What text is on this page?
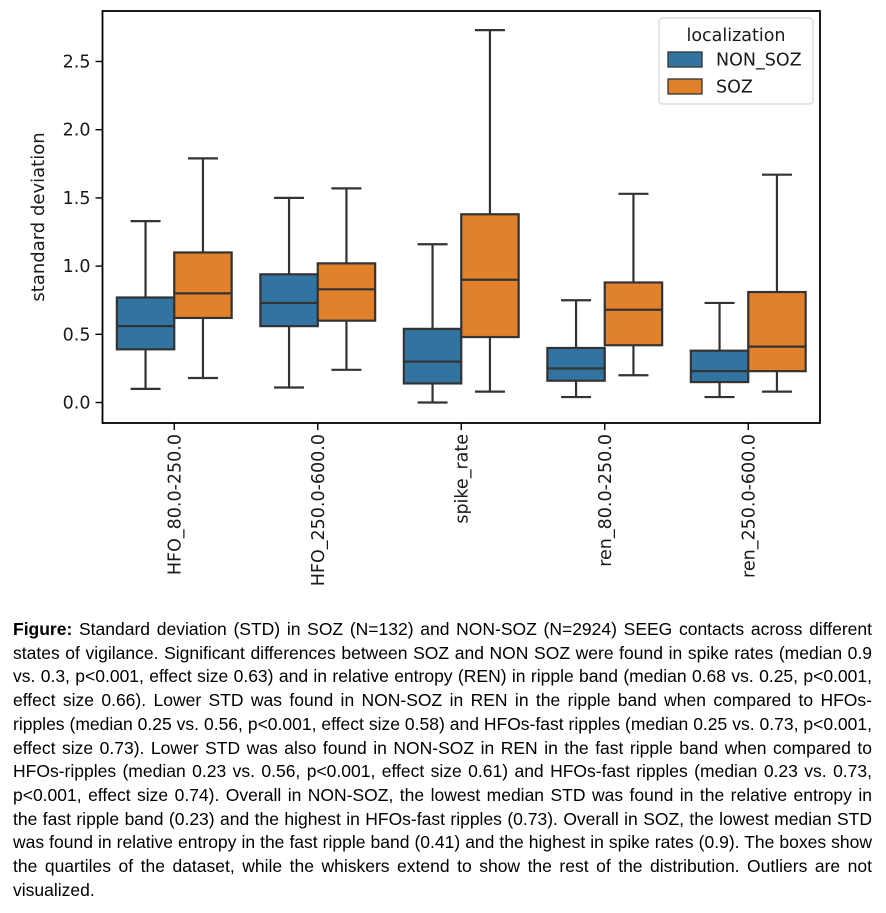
0.0
0.5
1.0
1.5
2.0
2.5
standard deviation
HFO_80.0-250.0	HFO_250.0-600.0	spike_rate	ren_80.0-250.0	ren_250.0-600.0
localization
NON_SOZ
SOZ

Figure: Standard deviation (STD) in SOZ (N=132) and NON-SOZ (N=2924) SEEG contacts across different states of vigilance. Significant differences between SOZ and NON SOZ were found in spike rates (median 0.9 vs. 0.3, p<0.001, effect size 0.63) and in relative entropy (REN) in ripple band (median 0.68 vs. 0.25, p<0.001, effect size 0.66). Lower STD was found in NON-SOZ in REN in the ripple band when compared to HFOs-ripples (median 0.25 vs. 0.56, p<0.001, effect size 0.58) and HFOs-fast ripples (median 0.25 vs. 0.73, p<0.001, effect size 0.73). Lower STD was also found in NON-SOZ in REN in the fast ripple band when compared to HFOs-ripples (median 0.23 vs. 0.56, p<0.001, effect size 0.61) and HFOs-fast ripples (median 0.23 vs. 0.73, p<0.001, effect size 0.74). Overall in NON-SOZ, the lowest median STD was found in the relative entropy in the fast ripple band (0.23) and the highest in HFOs-fast ripples (0.73). Overall in SOZ, the lowest median STD was found in relative entropy in the fast ripple band (0.41) and the highest in spike rates (0.9). The boxes show the quartiles of the dataset, while the whiskers extend to show the rest of the distribution. Outliers are not visualized.
